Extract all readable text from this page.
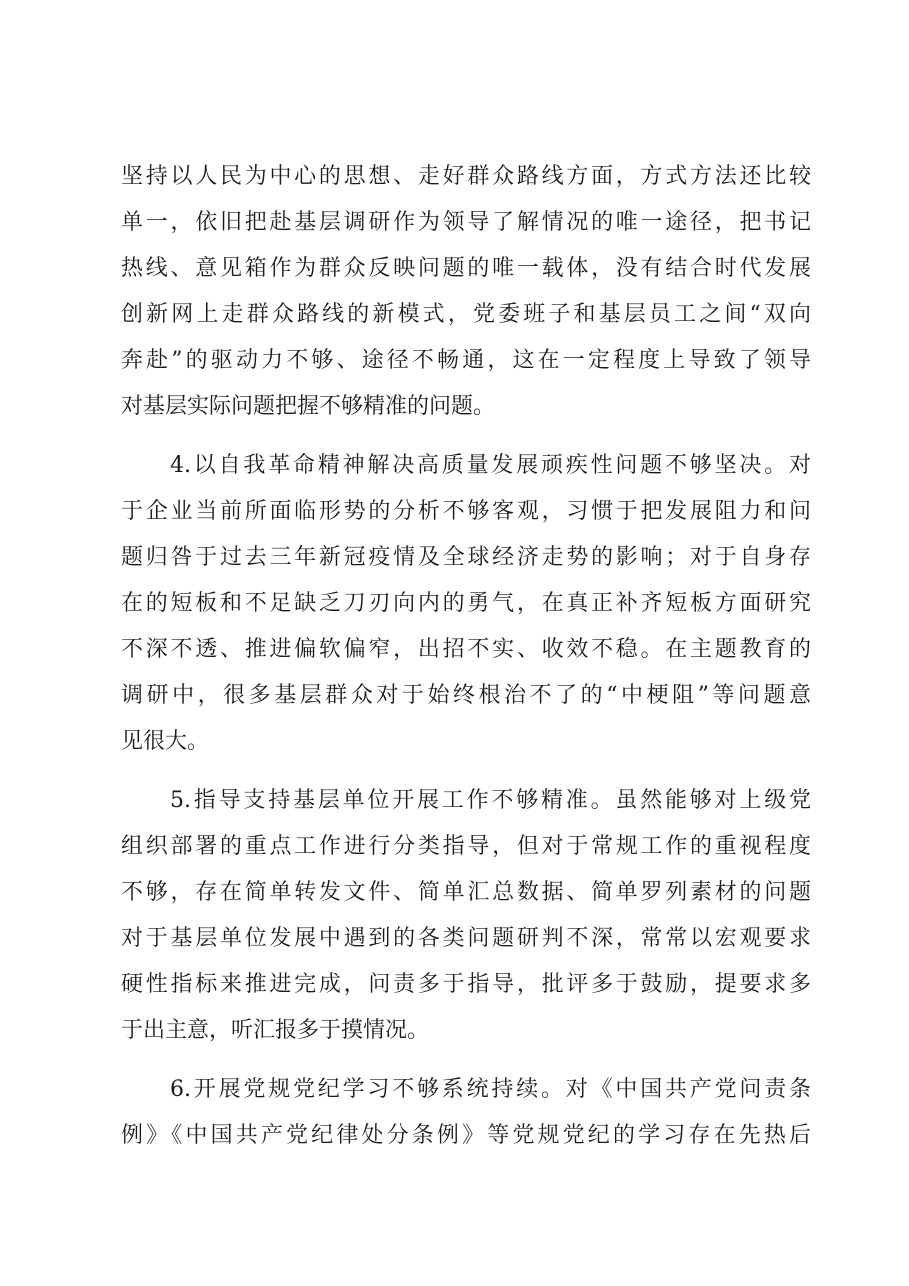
坚持以人民为中心的思想、走好群众路线方面，方式方法还比较
单一，依旧把赴基层调研作为领导了解情况的唯一途径，把书记
热线、意见箱作为群众反映问题的唯一载体，没有结合时代发展
创新网上走群众路线的新模式，党委班子和基层员工之间“双向
奔赴”的驱动力不够、途径不畅通，这在一定程度上导致了领导
对基层实际问题把握不够精准的问题。
4.以自我革命精神解决高质量发展顽疾性问题不够坚决。对
于企业当前所面临形势的分析不够客观，习惯于把发展阻力和问
题归咎于过去三年新冠疫情及全球经济走势的影响；对于自身存
在的短板和不足缺乏刀刃向内的勇气，在真正补齐短板方面研究
不深不透、推进偏软偏窄，出招不实、收效不稳。在主题教育的
调研中，很多基层群众对于始终根治不了的“中梗阻”等问题意
见很大。
5.指导支持基层单位开展工作不够精准。虽然能够对上级党
组织部署的重点工作进行分类指导，但对于常规工作的重视程度
不够，存在简单转发文件、简单汇总数据、简单罗列素材的问题
对于基层单位发展中遇到的各类问题研判不深，常常以宏观要求
硬性指标来推进完成，问责多于指导，批评多于鼓励，提要求多
于出主意，听汇报多于摸情况。
6.开展党规党纪学习不够系统持续。对《中国共产党问责条
例》《中国共产党纪律处分条例》等党规党纪的学习存在先热后
